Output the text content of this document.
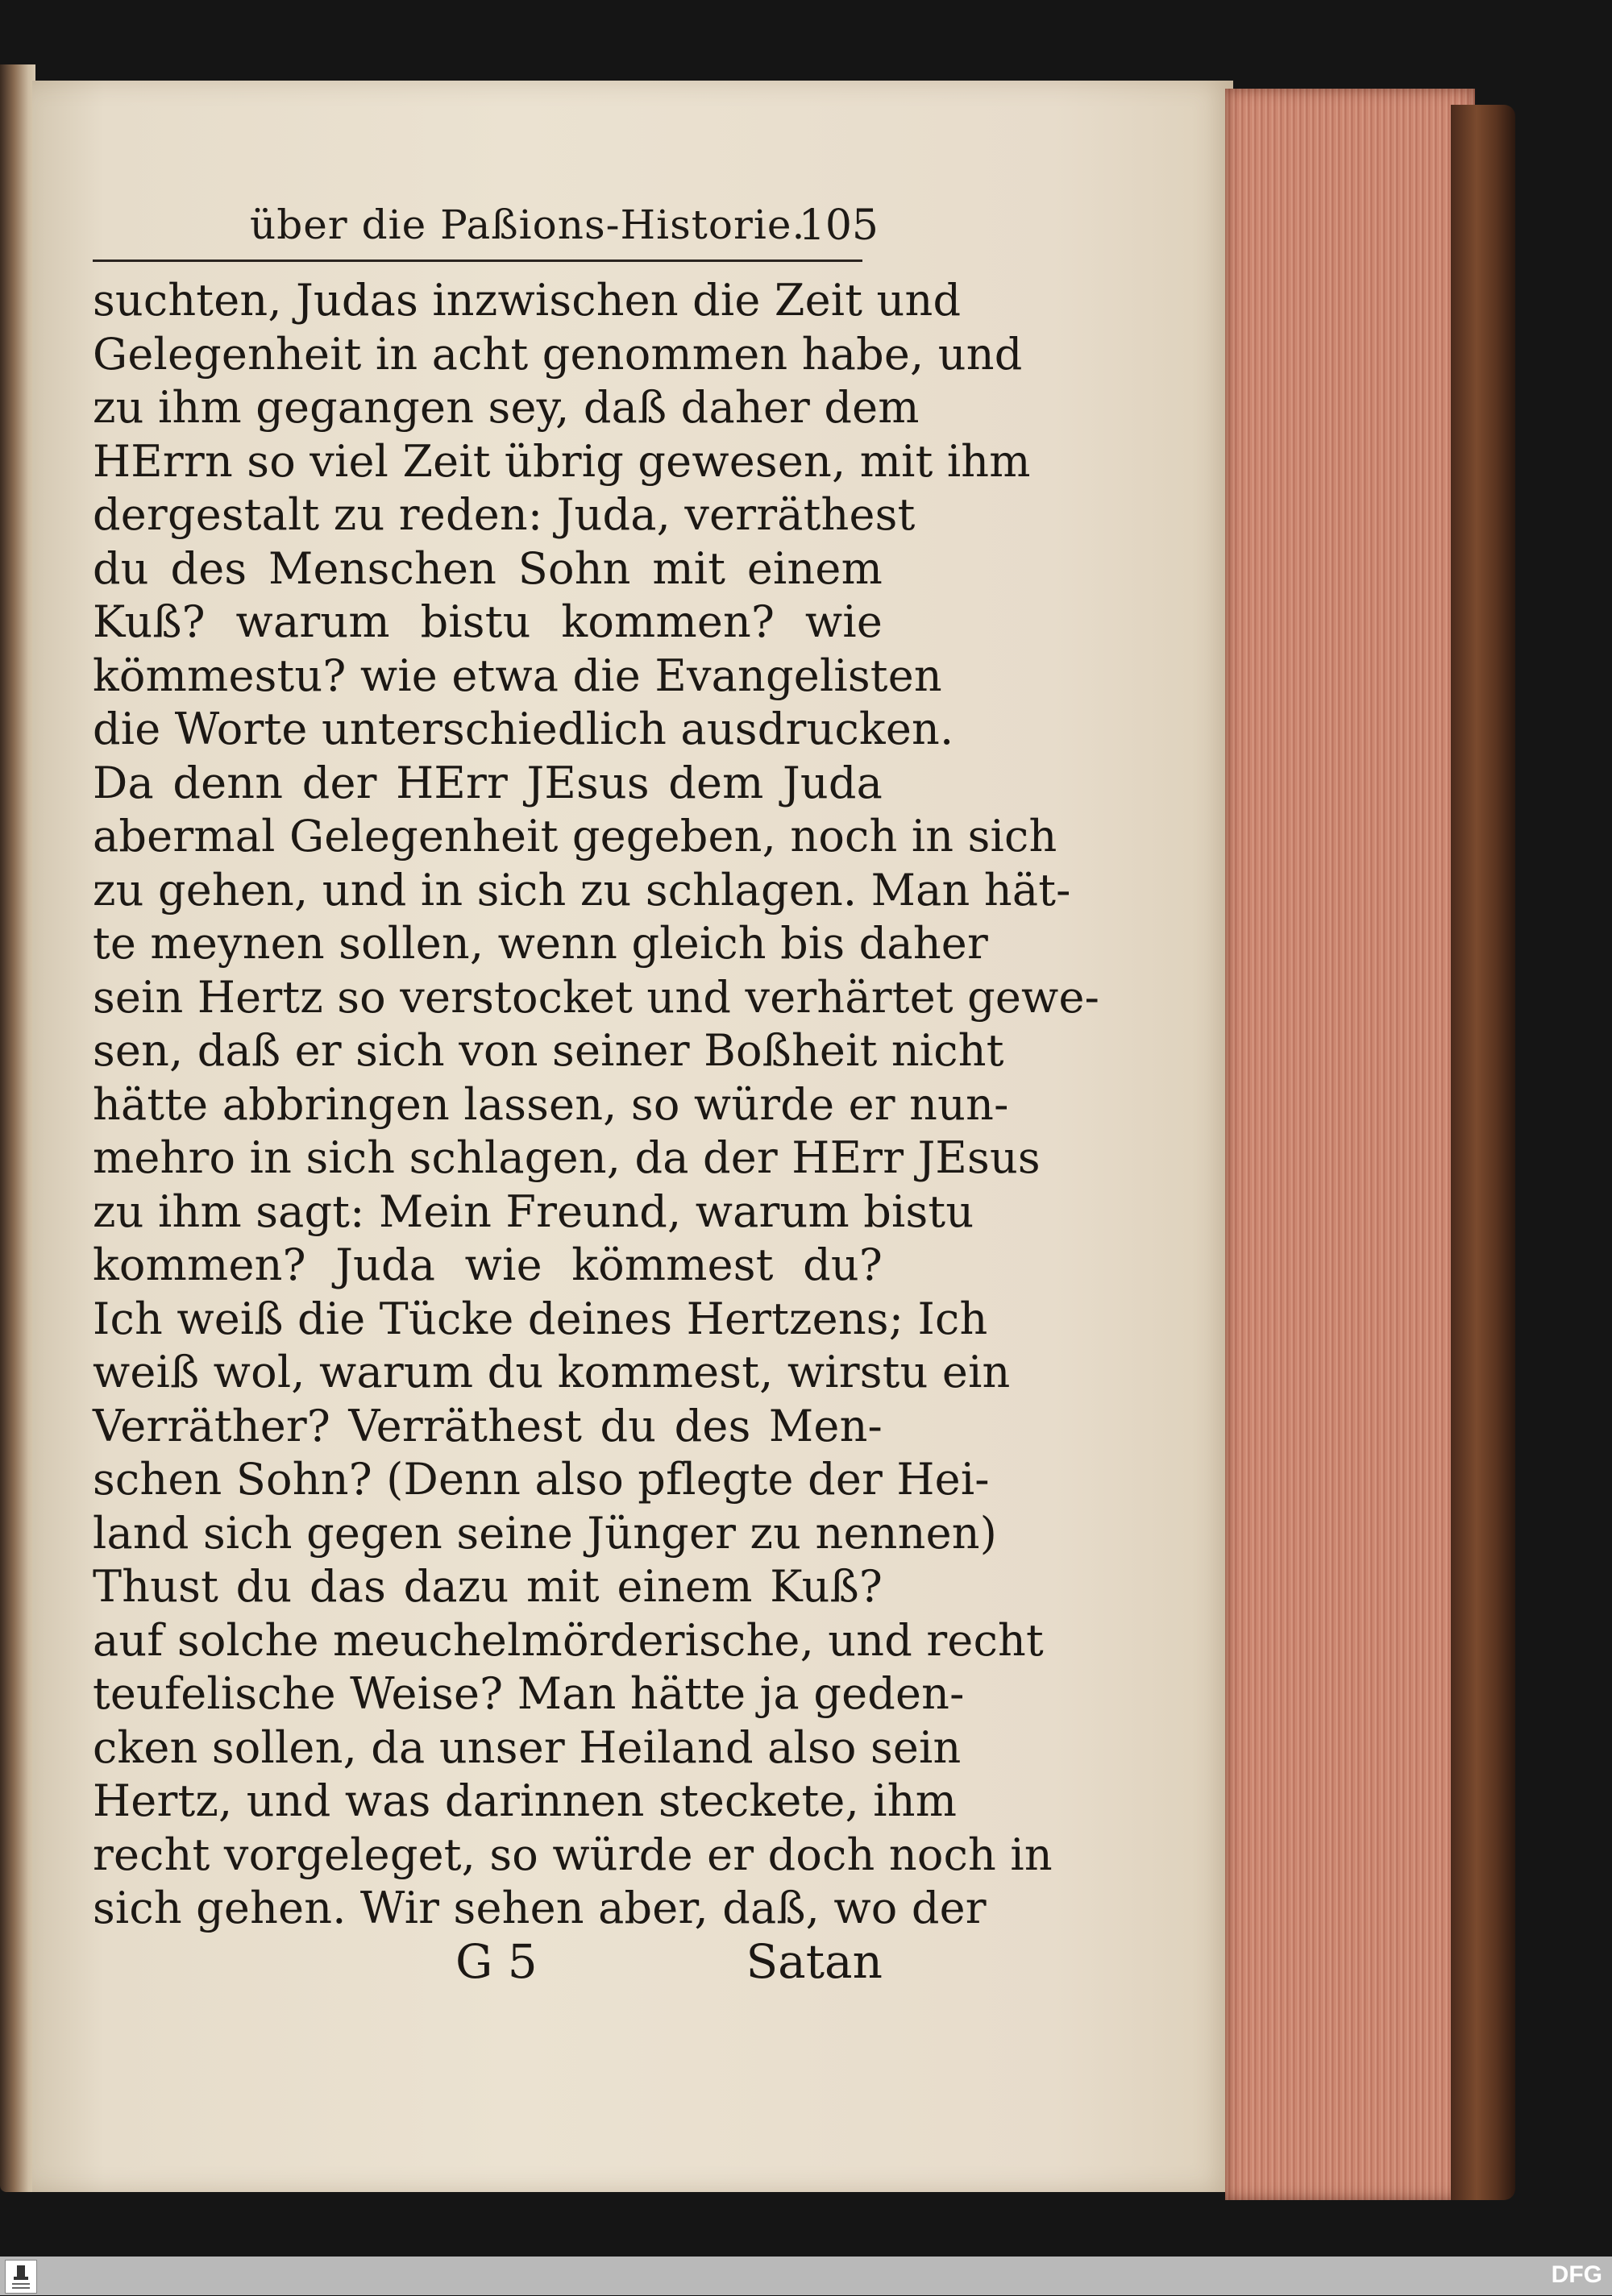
über die Paßions-Historie.
105
suchten, Judas inzwischen die Zeit und
Gelegenheit in acht genommen habe, und
zu ihm gegangen sey, daß daher dem
HErrn so viel Zeit übrig gewesen, mit ihm
dergestalt zu reden: Juda, verräthest
du des Menschen Sohn mit einem
Kuß? warum bistu kommen? wie
kömmestu? wie etwa die Evangelisten
die Worte unterschiedlich ausdrucken.
Da denn der HErr JEsus dem Juda
abermal Gelegenheit gegeben, noch in sich
zu gehen, und in sich zu schlagen. Man hät-
te meynen sollen, wenn gleich bis daher
sein Hertz so verstocket und verhärtet gewe-
sen, daß er sich von seiner Boßheit nicht
hätte abbringen lassen, so würde er nun-
mehro in sich schlagen, da der HErr JEsus
zu ihm sagt: Mein Freund, warum bistu
kommen? Juda wie kömmest du?
Ich weiß die Tücke deines Hertzens; Ich
weiß wol, warum du kommest, wirstu ein
Verräther? Verräthest du des Men-
schen Sohn? (Denn also pflegte der Hei-
land sich gegen seine Jünger zu nennen)
Thust du das dazu mit einem Kuß?
auf solche meuchelmörderische, und recht
teufelische Weise? Man hätte ja geden-
cken sollen, da unser Heiland also sein
Hertz, und was darinnen steckete, ihm
recht vorgeleget, so würde er doch noch in
sich gehen. Wir sehen aber, daß, wo der
G 5	Satan
DFG
